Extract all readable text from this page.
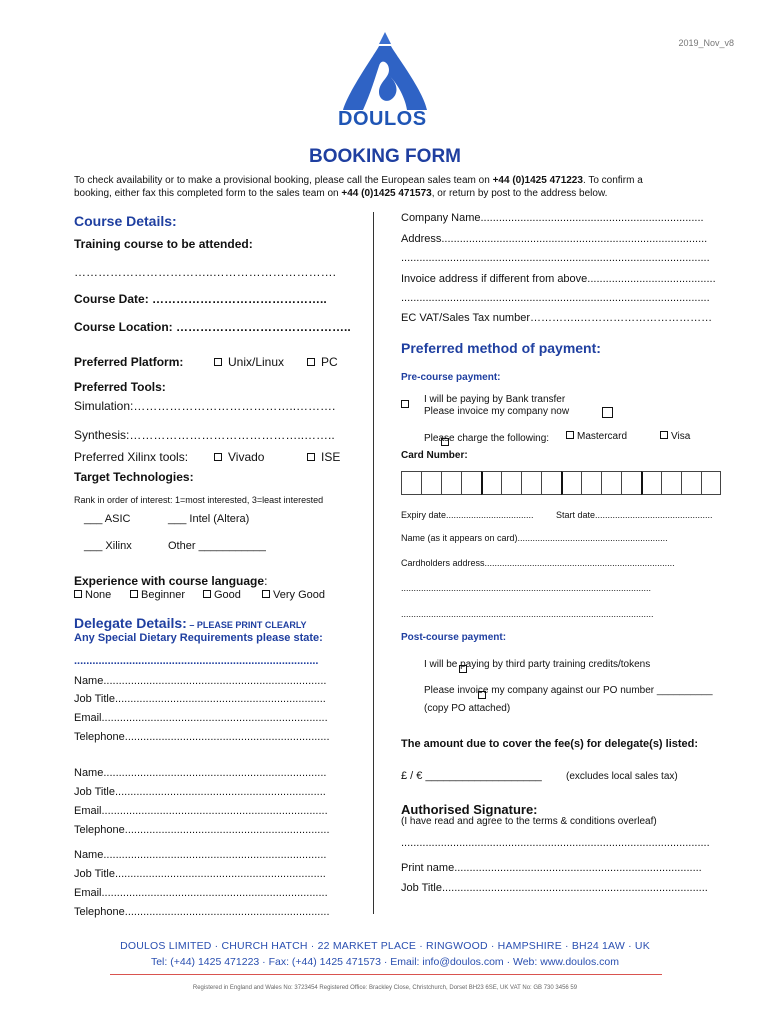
2019_Nov_v8
DOULOS
BOOKING FORM
To check availability or to make a provisional booking, please call the European sales team on +44 (0)1425 471223. To confirm a
booking, either fax this completed form to the sales team on +44 (0)1425 471573, or return by post to the address below.
Course Details:
Training course to be attended:
……………………………..………………………….
Course Date: ……………………………………..
Course Location: ……………………………………..
Preferred Platform:	Unix/Linux	PC
Preferred Tools:
Simulation:…………………………………..……….
Synthesis:……………………………………..……..
Preferred Xilinx tools:	Vivado	ISE
Target Technologies:
Rank in order of interest: 1=most interested, 3=least interested
___ ASIC	___ Intel (Altera)
___ Xilinx	Other ___________
Experience with course language:
None	Beginner	Good	Very Good
Delegate Details: – PLEASE PRINT CLEARLY
Any Special Dietary Requirements please state:
................................................................................
Name.........................................................................
Job Title.....................................................................
Email..........................................................................
Telephone...................................................................
Name.........................................................................
Job Title.....................................................................
Email..........................................................................
Telephone...................................................................
Name.........................................................................
Job Title.....................................................................
Email..........................................................................
Telephone...................................................................
Company Name.........................................................................
Address.......................................................................................
.....................................................................................................
Invoice address if different from above..........................................
.....................................................................................................
EC VAT/Sales Tax number…………..………………………………
Preferred method of payment:
Pre-course payment:

I will be paying by Bank transfer
Please invoice my company now

Please charge the following:	Mastercard	Visa
Card Number:
Expiry date................................... Start date...............................................
Name (as it appears on card)............................................................
Cardholders address............................................................................
....................................................................................................
.....................................................................................................
Post-course payment:

I will be paying by third party training credits/tokens
Please invoice my company against our PO number __________
(copy PO attached)
The amount due to cover the fee(s) for delegate(s) listed:
£ / € ___________________ (excludes local sales tax)
Authorised Signature:
(I have read and agree to the terms & conditions overleaf)
.....................................................................................................
Print name.................................................................................
Job Title.......................................................................................
DOULOS LIMITED · CHURCH HATCH · 22 MARKET PLACE · RINGWOOD · HAMPSHIRE · BH24 1AW · UK
Tel: (+44) 1425 471223 · Fax: (+44) 1425 471573 · Email: info@doulos.com · Web: www.doulos.com
Registered in England and Wales No: 3723454 Registered Office: Brackley Close, Christchurch, Dorset BH23 6SE, UK VAT No: GB 730 3456 59
